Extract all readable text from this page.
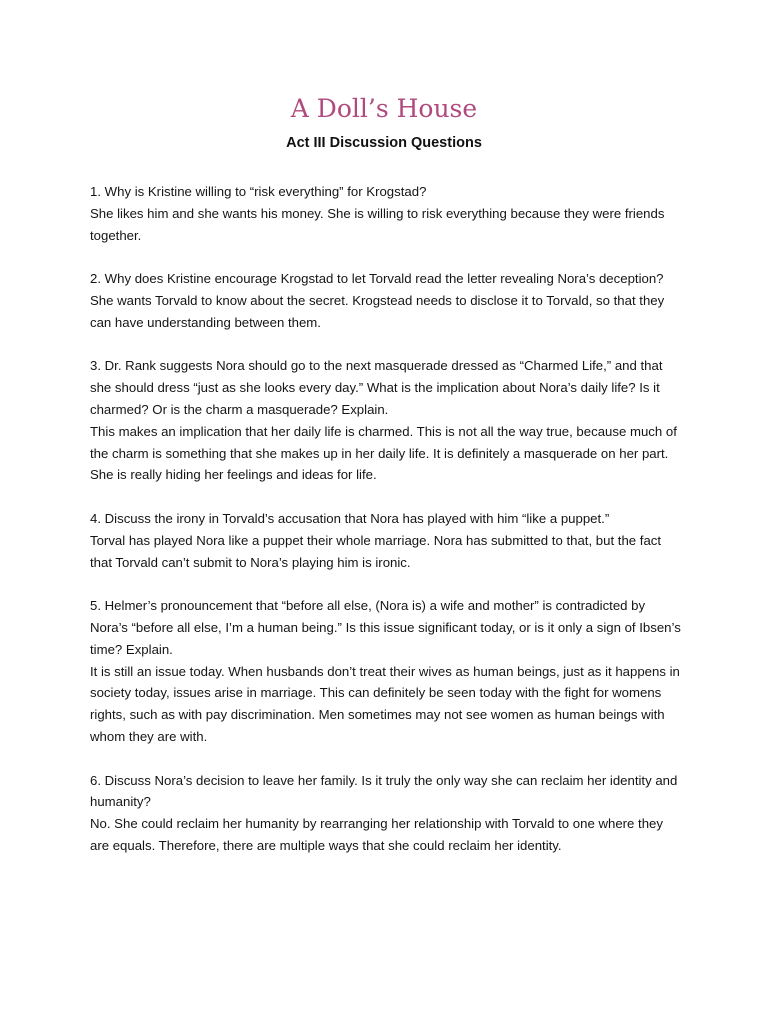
A Doll’s House
Act III Discussion Questions
1. Why is Kristine willing to “risk everything” for Krogstad?
She likes him and she wants his money. She is willing to risk everything because they were friends together.
2. Why does Kristine encourage Krogstad to let Torvald read the letter revealing Nora’s deception?
She wants Torvald to know about the secret. Krogstead needs to disclose it to Torvald, so that they can have understanding between them.
3. Dr. Rank suggests Nora should go to the next masquerade dressed as “Charmed Life,” and that she should dress “just as she looks every day.” What is the implication about Nora’s daily life? Is it charmed? Or is the charm a masquerade? Explain.
This makes an implication that her daily life is charmed. This is not all the way true, because much of the charm is something that she makes up in her daily life. It is definitely a masquerade on her part. She is really hiding her feelings and ideas for life.
4. Discuss the irony in Torvald’s accusation that Nora has played with him “like a puppet.”
Torval has played Nora like a puppet their whole marriage. Nora has submitted to that, but the fact that Torvald can’t submit to Nora’s playing him is ironic.
5. Helmer’s pronouncement that “before all else, (Nora is) a wife and mother” is contradicted by Nora’s “before all else, I’m a human being.” Is this issue significant today, or is it only a sign of Ibsen’s time? Explain.
It is still an issue today. When husbands don’t treat their wives as human beings, just as it happens in society today, issues arise in marriage. This can definitely be seen today with the fight for womens rights, such as with pay discrimination. Men sometimes may not see women as human beings with whom they are with.
6. Discuss Nora’s decision to leave her family. Is it truly the only way she can reclaim her identity and humanity?
No. She could reclaim her humanity by rearranging her relationship with Torvald to one where they are equals. Therefore, there are multiple ways that she could reclaim her identity.
